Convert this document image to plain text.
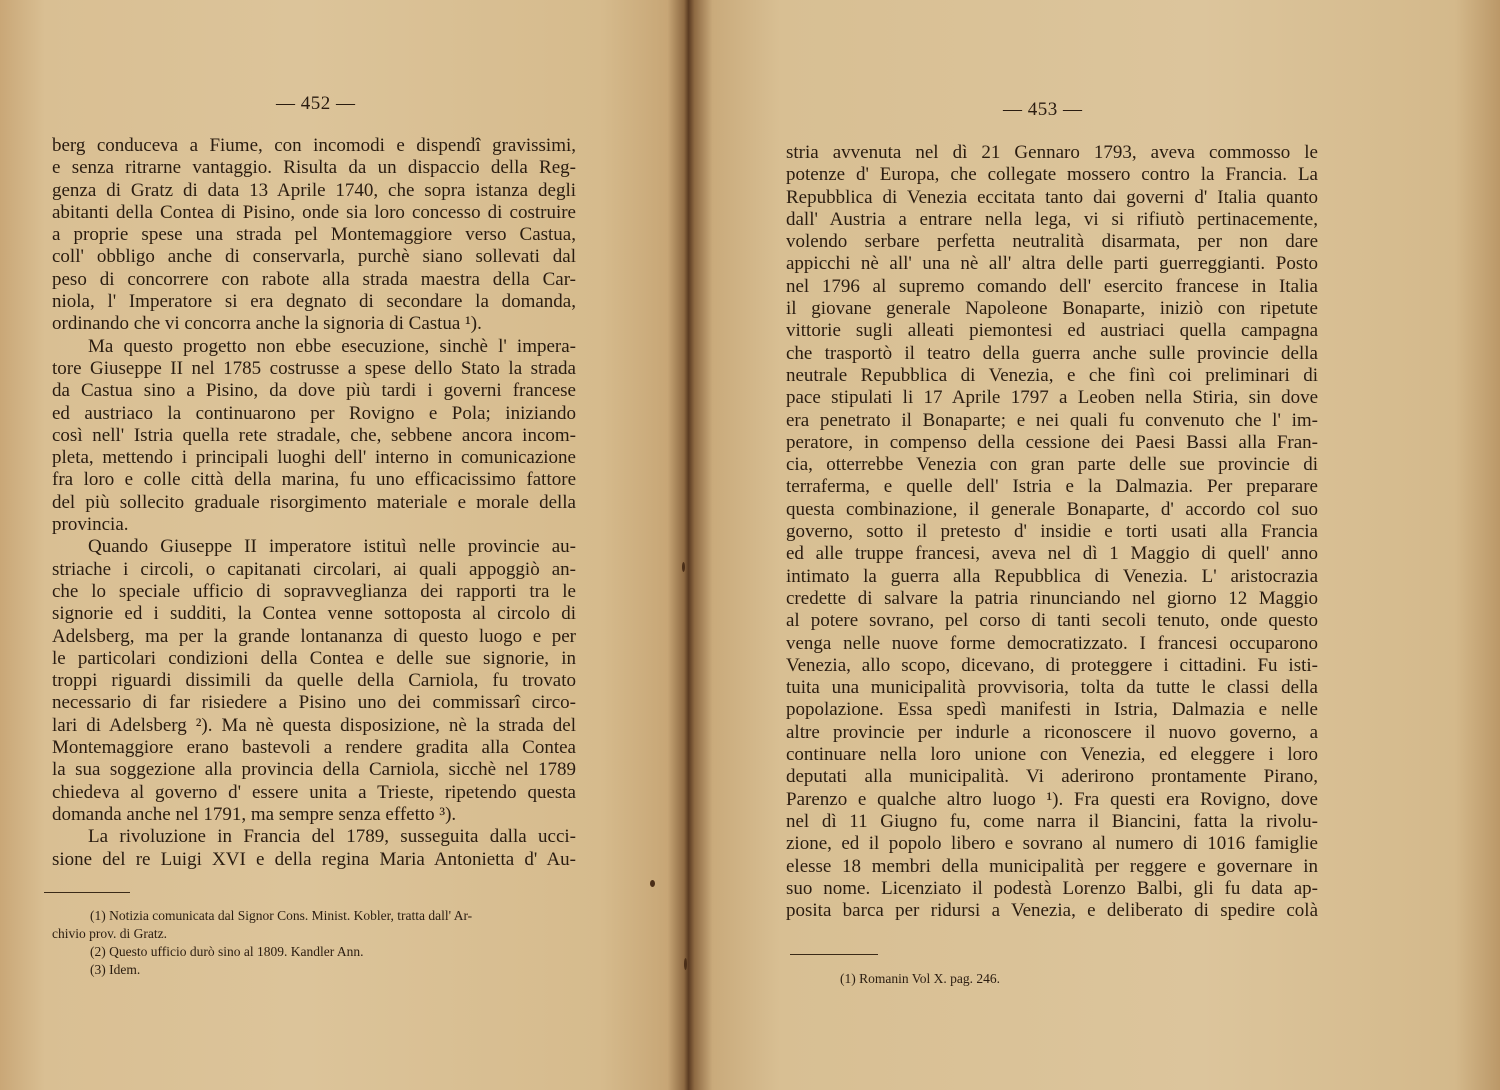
— 452 —
berg conduceva a Fiume, con incomodi e dispendî gravissimi,
e senza ritrarne vantaggio. Risulta da un dispaccio della Reg-
genza di Gratz di data 13 Aprile 1740, che sopra istanza degli
abitanti della Contea di Pisino, onde sia loro concesso di costruire
a proprie spese una strada pel Montemaggiore verso Castua,
coll' obbligo anche di conservarla, purchè siano sollevati dal
peso di concorrere con rabote alla strada maestra della Car-
niola, l' Imperatore si era degnato di secondare la domanda,
ordinando che vi concorra anche la signoria di Castua ¹).
Ma questo progetto non ebbe esecuzione, sinchè l' impera-
tore Giuseppe II nel 1785 costrusse a spese dello Stato la strada
da Castua sino a Pisino, da dove più tardi i governi francese
ed austriaco la continuarono per Rovigno e Pola; iniziando
così nell' Istria quella rete stradale, che, sebbene ancora incom-
pleta, mettendo i principali luoghi dell' interno in comunicazione
fra loro e colle città della marina, fu uno efficacissimo fattore
del più sollecito graduale risorgimento materiale e morale della
provincia.
Quando Giuseppe II imperatore istituì nelle provincie au-
striache i circoli, o capitanati circolari, ai quali appoggiò an-
che lo speciale ufficio di sopravveglianza dei rapporti tra le
signorie ed i sudditi, la Contea venne sottoposta al circolo di
Adelsberg, ma per la grande lontananza di questo luogo e per
le particolari condizioni della Contea e delle sue signorie, in
troppi riguardi dissimili da quelle della Carniola, fu trovato
necessario di far risiedere a Pisino uno dei commissarî circo-
lari di Adelsberg ²). Ma nè questa disposizione, nè la strada del
Montemaggiore erano bastevoli a rendere gradita alla Contea
la sua soggezione alla provincia della Carniola, sicchè nel 1789
chiedeva al governo d' essere unita a Trieste, ripetendo questa
domanda anche nel 1791, ma sempre senza effetto ³).
La rivoluzione in Francia del 1789, susseguita dalla ucci-
sione del re Luigi XVI e della regina Maria Antonietta d' Au-
(1) Notizia comunicata dal Signor Cons. Minist. Kobler, tratta dall' Ar-
chivio prov. di Gratz.
(2) Questo ufficio durò sino al 1809. Kandler Ann.
(3) Idem.
— 453 —
stria avvenuta nel dì 21 Gennaro 1793, aveva commosso le
potenze d' Europa, che collegate mossero contro la Francia. La
Repubblica di Venezia eccitata tanto dai governi d' Italia quanto
dall' Austria a entrare nella lega, vi si rifiutò pertinacemente,
volendo serbare perfetta neutralità disarmata, per non dare
appicchi nè all' una nè all' altra delle parti guerreggianti. Posto
nel 1796 al supremo comando dell' esercito francese in Italia
il giovane generale Napoleone Bonaparte, iniziò con ripetute
vittorie sugli alleati piemontesi ed austriaci quella campagna
che trasportò il teatro della guerra anche sulle provincie della
neutrale Repubblica di Venezia, e che finì coi preliminari di
pace stipulati li 17 Aprile 1797 a Leoben nella Stiria, sin dove
era penetrato il Bonaparte; e nei quali fu convenuto che l' im-
peratore, in compenso della cessione dei Paesi Bassi alla Fran-
cia, otterrebbe Venezia con gran parte delle sue provincie di
terraferma, e quelle dell' Istria e la Dalmazia. Per preparare
questa combinazione, il generale Bonaparte, d' accordo col suo
governo, sotto il pretesto d' insidie e torti usati alla Francia
ed alle truppe francesi, aveva nel dì 1 Maggio di quell' anno
intimato la guerra alla Repubblica di Venezia. L' aristocrazia
credette di salvare la patria rinunciando nel giorno 12 Maggio
al potere sovrano, pel corso di tanti secoli tenuto, onde questo
venga nelle nuove forme democratizzato. I francesi occuparono
Venezia, allo scopo, dicevano, di proteggere i cittadini. Fu isti-
tuita una municipalità provvisoria, tolta da tutte le classi della
popolazione. Essa spedì manifesti in Istria, Dalmazia e nelle
altre provincie per indurle a riconoscere il nuovo governo, a
continuare nella loro unione con Venezia, ed eleggere i loro
deputati alla municipalità. Vi aderirono prontamente Pirano,
Parenzo e qualche altro luogo ¹). Fra questi era Rovigno, dove
nel dì 11 Giugno fu, come narra il Biancini, fatta la rivolu-
zione, ed il popolo libero e sovrano al numero di 1016 famiglie
elesse 18 membri della municipalità per reggere e governare in
suo nome. Licenziato il podestà Lorenzo Balbi, gli fu data ap-
posita barca per ridursi a Venezia, e deliberato di spedire colà
(1) Romanin Vol X. pag. 246.
